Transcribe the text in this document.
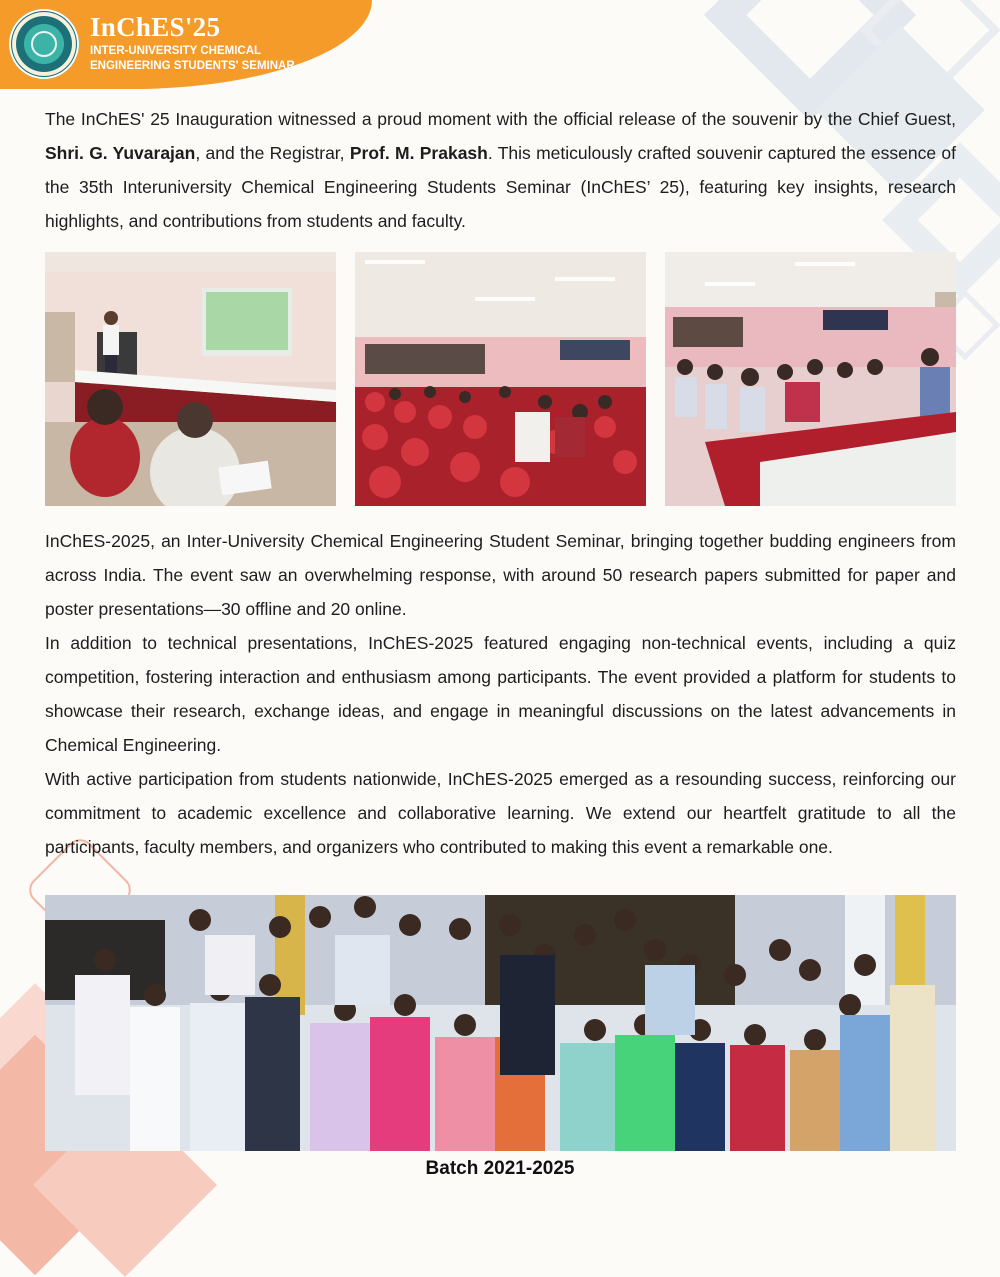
InChES'25
INTER-UNIVERSITY CHEMICAL ENGINEERING STUDENTS' SEMINAR
The InChES' 25 Inauguration witnessed a proud moment with the official release of the souvenir by the Chief Guest, Shri. G. Yuvarajan, and the Registrar, Prof. M. Prakash. This meticulously crafted souvenir captured the essence of the 35th Interuniversity Chemical Engineering Students Seminar (InChES’ 25), featuring key insights, research highlights, and contributions from students and faculty.
InChES-2025, an Inter-University Chemical Engineering Student Seminar, bringing together budding engineers from across India. The event saw an overwhelming response, with around 50 research papers submitted for paper and poster presentations—30 offline and 20 online.
In addition to technical presentations, InChES-2025 featured engaging non-technical events, including a quiz competition, fostering interaction and enthusiasm among participants. The event provided a platform for students to showcase their research, exchange ideas, and engage in meaningful discussions on the latest advancements in Chemical Engineering.
With active participation from students nationwide, InChES-2025 emerged as a resounding success, reinforcing our commitment to academic excellence and collaborative learning. We extend our heartfelt gratitude to all the participants, faculty members, and organizers who contributed to making this event a remarkable one.
Batch 2021-2025
